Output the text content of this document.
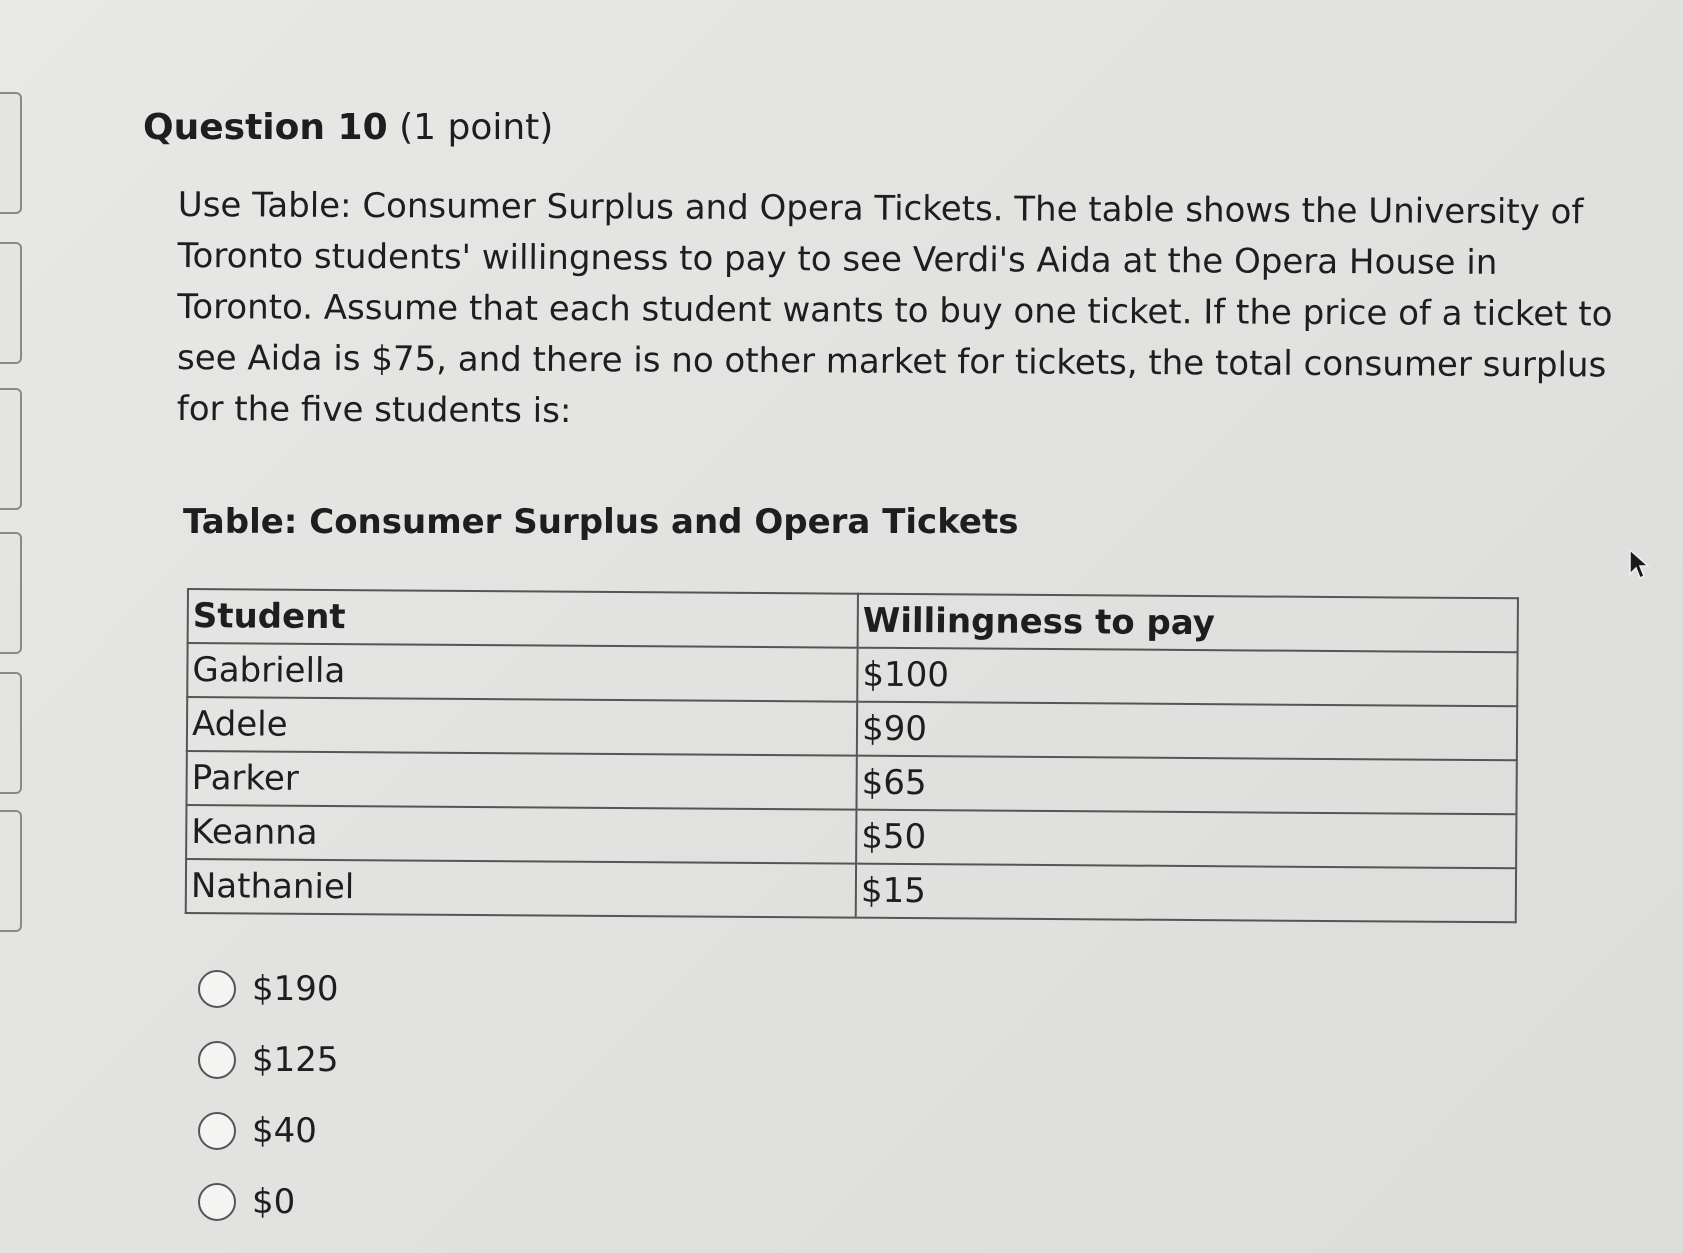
Question 10 (1 point)

Use Table: Consumer Surplus and Opera Tickets. The table shows the University of

Toronto students' willingness to pay to see Verdi's Aida at the Opera House in

Toronto. Assume that each student wants to buy one ticket. If the price of a ticket to

see Aida is $75, and there is no other market for tickets, the total consumer surplus

for the five students is:

Table: Consumer Surplus and Opera Tickets
Student	Willingness to pay
Gabriella	$100
Adele	$90
Parker	$65
Keanna	$50
Nathaniel	$15
$190
$125
$40
$0
